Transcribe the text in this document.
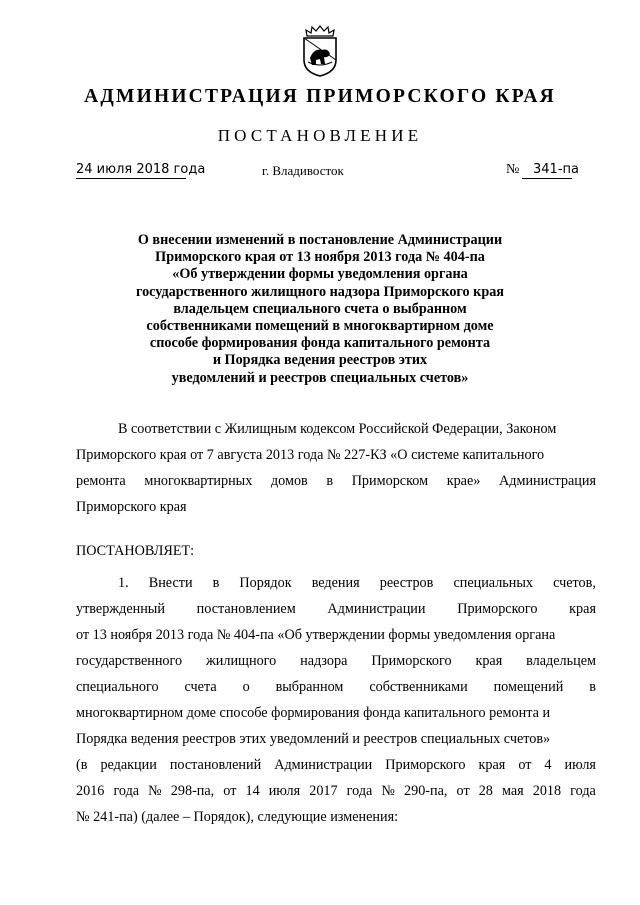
АДМИНИСТРАЦИЯ ПРИМОРСКОГО КРАЯ
ПОСТАНОВЛЕНИЕ
24 июля 2018 года	г. Владивосток	№ 341-па
О внесении изменений в постановление Администрации
Приморского края от 13 ноября 2013 года № 404-па
«Об утверждении формы уведомления органа
государственного жилищного надзора Приморского края
владельцем специального счета о выбранном
собственниками помещений в многоквартирном доме
способе формирования фонда капитального ремонта
и Порядка ведения реестров этих
уведомлений и реестров специальных счетов»
В соответствии с Жилищным кодексом Российской Федерации, Законом
Приморского края от 7 августа 2013 года № 227-КЗ «О системе капитального
ремонта многоквартирных домов в Приморском крае» Администрация
Приморского края
ПОСТАНОВЛЯЕТ:
1. Внести в Порядок ведения реестров специальных счетов,
утвержденный постановлением Администрации Приморского края
от 13 ноября 2013 года № 404-па «Об утверждении формы уведомления органа
государственного жилищного надзора Приморского края владельцем
специального счета о выбранном собственниками помещений в
многоквартирном доме способе формирования фонда капитального ремонта и
Порядка ведения реестров этих уведомлений и реестров специальных счетов»
(в редакции постановлений Администрации Приморского края от 4 июля
2016 года № 298-па, от 14 июля 2017 года № 290-па, от 28 мая 2018 года
№ 241-па) (далее – Порядок), следующие изменения:
